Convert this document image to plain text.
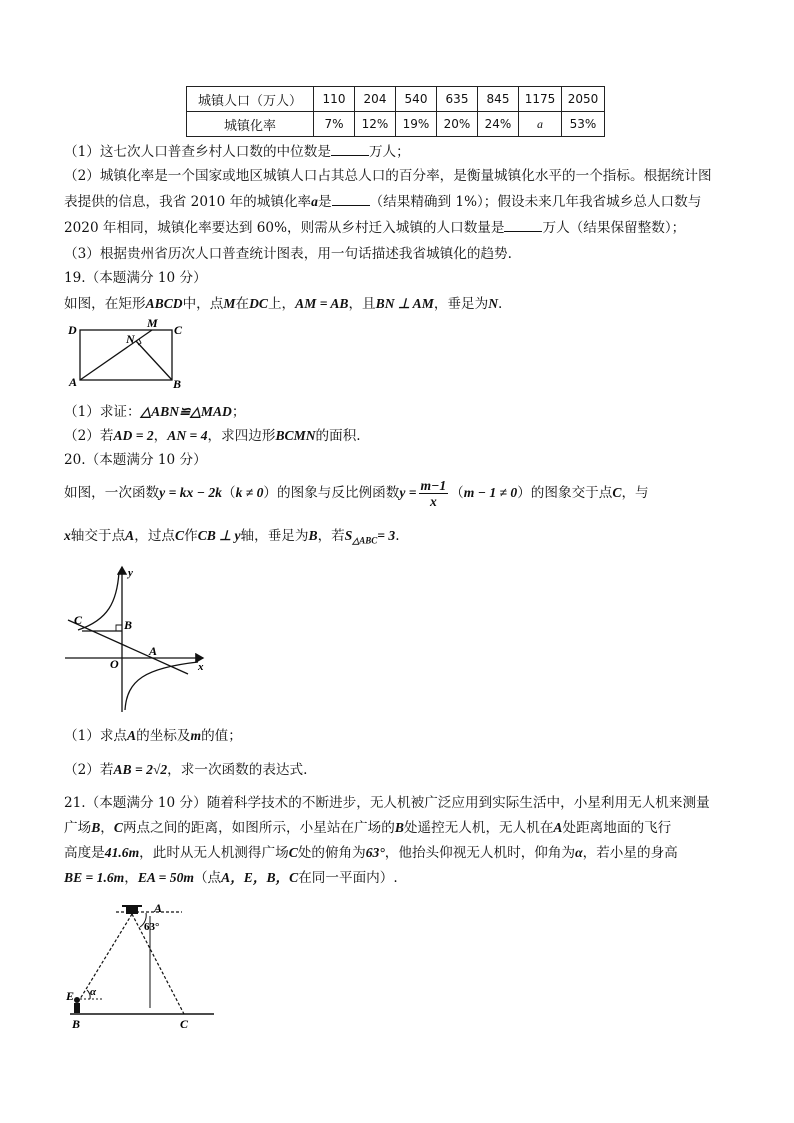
城镇人口（万人）	110	204	540	635	845	1175	2050
城镇化率	7%	12%	19%	20%	24%	a	53%
（1）这七次人口普查乡村人口数的中位数是	万人；
（2）城镇化率是一个国家或地区城镇人口占其总人口的百分率，是衡量城镇化水平的一个指标。根据统计图
表提供的信息，我省 2010 年的城镇化率a是	（结果精确到 1%）；假设未来几年我省城乡总人口数与
2020 年相同，城镇化率要达到 60%，则需从乡村迁入城镇的人口数量是	万人（结果保留整数）；
（3）根据贵州省历次人口普查统计图表，用一句话描述我省城镇化的趋势.
19.（本题满分 10 分）
如图，在矩形ABCD中，点M在DC上，AM = AB，且BN ⊥ AM，垂足为N.
D	M C
N
A	B
（1）求证：△ABN≌△MAD；
（2）若AD = 2，AN = 4，求四边形BCMN的面积.
20.（本题满分 10 分）
如图，一次函数y = kx − 2k（k ≠ 0）的图象与反比例函数$y = \frac{m-1}{x} (m - 1 \ne 0)$的图象交于点C，与
x轴交于点A，过点C作CB ⊥ y轴，垂足为B，若$S_{\triangle ABC}= 3$.
y
x
C	B
O
A
（1）求点A的坐标及m的值；
（2）若AB = 2√2，求一次函数的表达式.
21.（本题满分 10 分）随着科学技术的不断进步，无人机被广泛应用到实际生活中，小星利用无人机来测量
广场B，C两点之间的距离，如图所示，小星站在广场的B处遥控无人机，无人机在A处距离地面的飞行
高度是41.6m，此时从无人机测得广场C处的俯角为63°，他抬头仰视无人机时，仰角为α，若小星的身高
BE = 1.6m，EA = 50m（点A，E，B，C在同一平面内）.
A
63°
E α
B	C
